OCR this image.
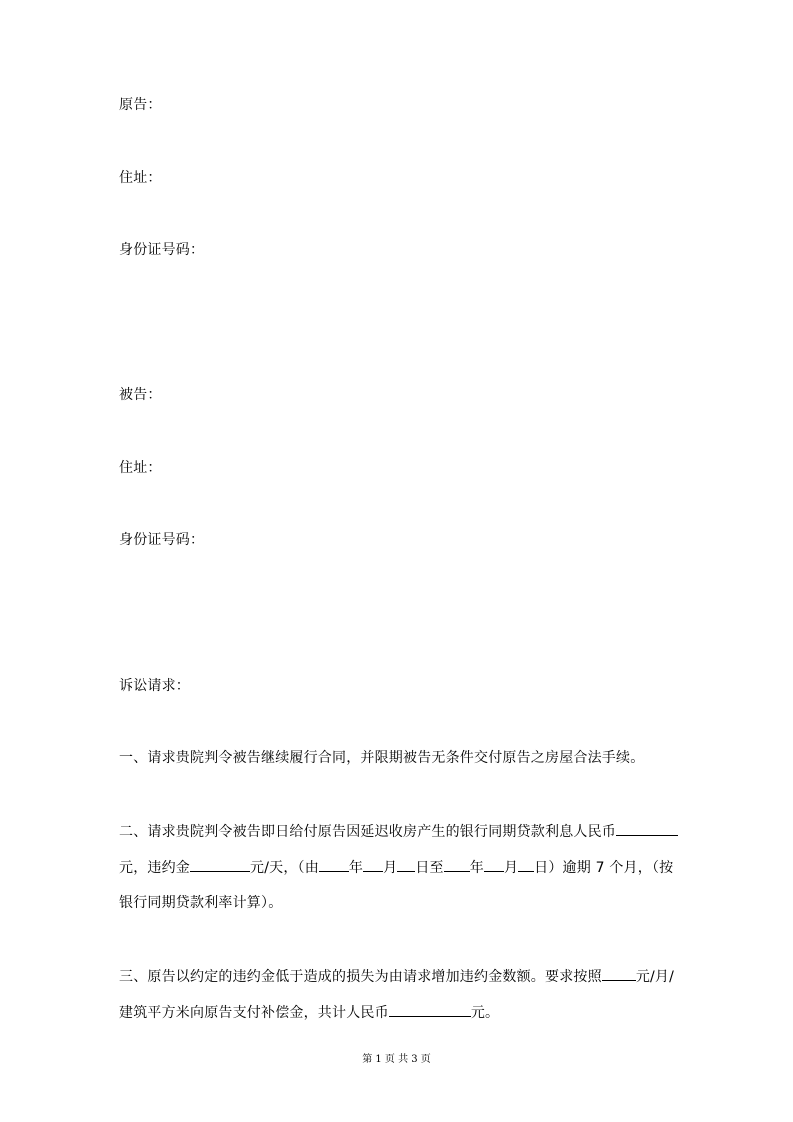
原告：
住址：
身份证号码：
被告：
住址：
身份证号码：
诉讼请求：
一、请求贵院判令被告继续履行合同，并限期被告无条件交付原告之房屋合法手续。
二、请求贵院判令被告即日给付原告因延迟收房产生的银行同期贷款利息人民币
元，违约金	元/天，（由 年 月 日至 年 月 日）逾期 7 个月，（按
银行同期贷款利率计算）。
三、原告以约定的违约金低于造成的损失为由请求增加违约金数额。要求按照 元/月/
建筑平方米向原告支付补偿金，共计人民币	元。
第 1 页 共 3 页
